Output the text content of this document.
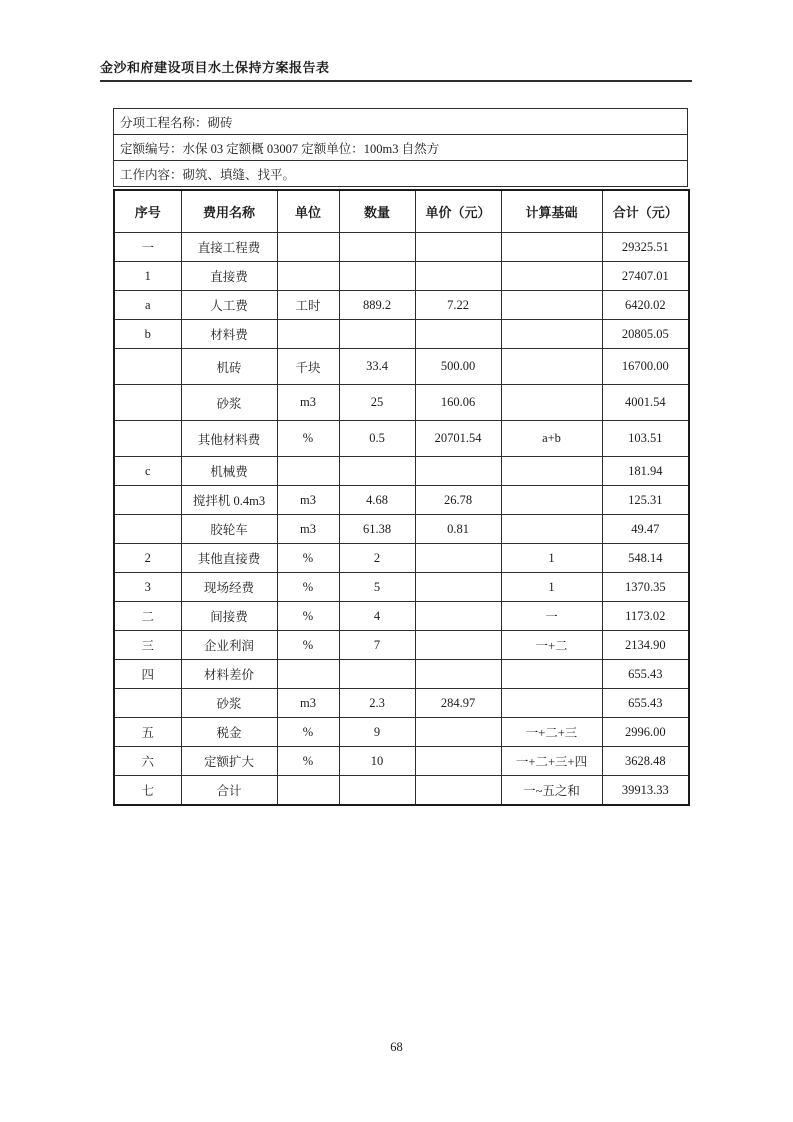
金沙和府建设项目水土保持方案报告表
分项工程名称：砌砖
定额编号：水保 03 定额概 03007 定额单位：100m3 自然方
工作内容：砌筑、填缝、找平。
序号	费用名称	单位	数量	单价（元）	计算基础	合计（元）
一	直接工程费					29325.51
1	直接费					27407.01
a	人工费	工时	889.2	7.22		6420.02
b	材料费					20805.05
	机砖	千块	33.4	500.00		16700.00
	砂浆	m3	25	160.06		4001.54
	其他材料费	%	0.5	20701.54	a+b	103.51
c	机械费					181.94
	搅拌机 0.4m3	m3	4.68	26.78		125.31
	胶轮车	m3	61.38	0.81		49.47
2	其他直接费	%	2		1	548.14
3	现场经费	%	5		1	1370.35
二	间接费	%	4		一	1173.02
三	企业利润	%	7		一+二	2134.90
四	材料差价					655.43
	砂浆	m3	2.3	284.97		655.43
五	税金	%	9		一+二+三	2996.00
六	定额扩大	%	10		一+二+三+四	3628.48
七	合计				一~五之和	39913.33
68
